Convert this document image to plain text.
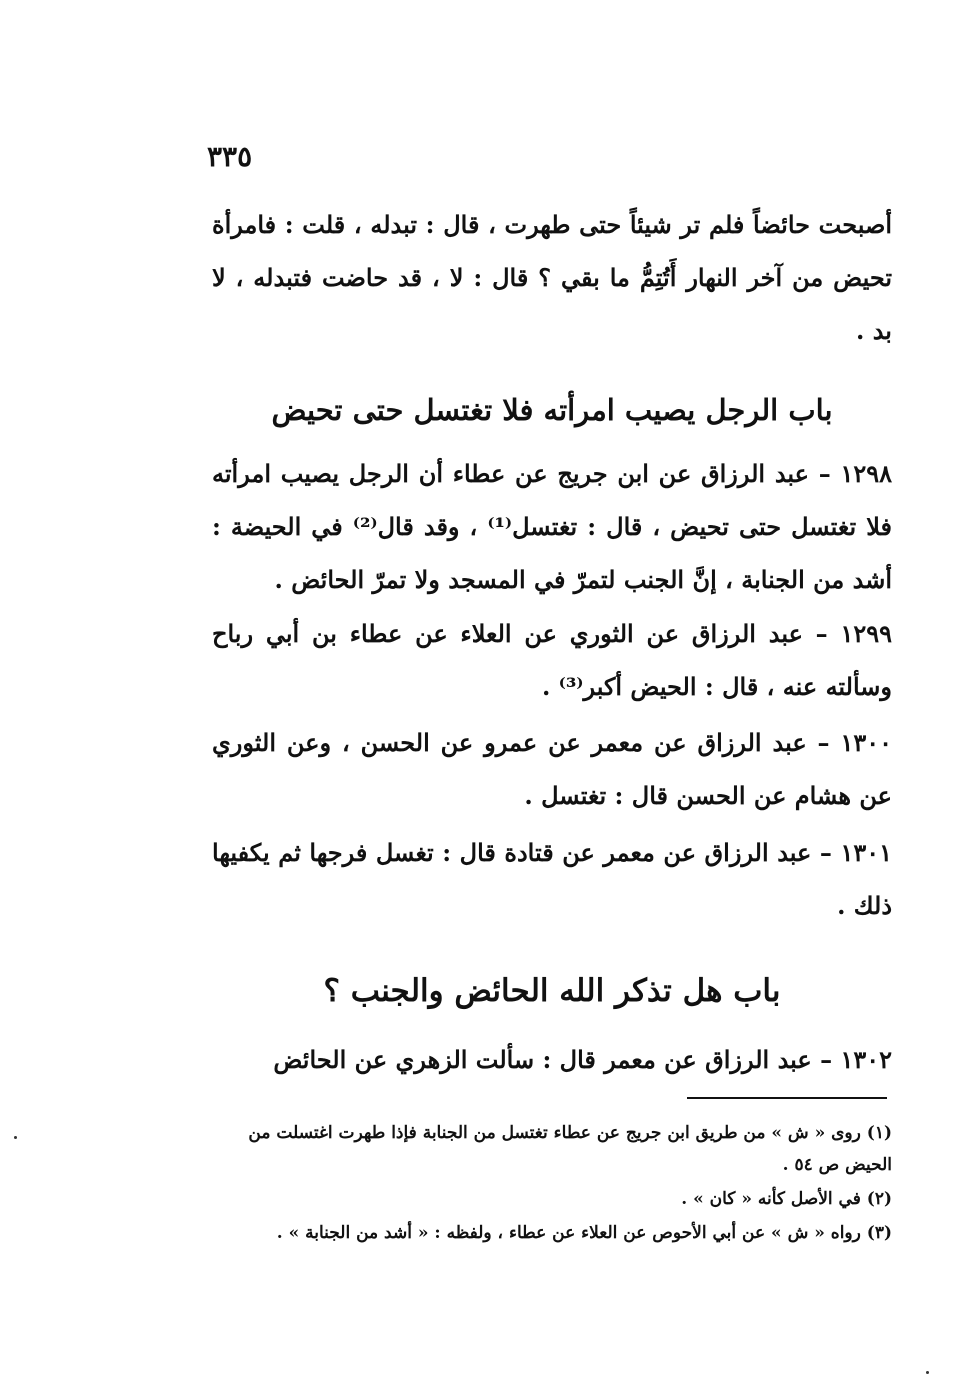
٣٣٥
أصبحت حائضاً فلم تر شيئاً حتى طهرت ، قال : تبدله ، قلت : فامرأة تحيض من آخر النهار أَتُتِمُّ ما بقي ؟ قال : لا ، قد حاضت فتبدله ، لا بد .
باب الرجل يصيب امرأته فلا تغتسل حتى تحيض
١٢٩٨ – عبد الرزاق عن ابن جريج عن عطاء أن الرجل يصيب امرأته فلا تغتسل حتى تحيض ، قال : تغتسل⁽¹⁾ ، وقد قال⁽²⁾ في الحيضة : أشد من الجنابة ، إنَّ الجنب لتمرّ في المسجد ولا تمرّ الحائض .
١٢٩٩ – عبد الرزاق عن الثوري عن العلاء عن عطاء بن أبي رباح وسألته عنه ، قال : الحيض أكبر⁽³⁾ .
١٣٠٠ – عبد الرزاق عن معمر عن عمرو عن الحسن ، وعن الثوري عن هشام عن الحسن قال : تغتسل .
١٣٠١ – عبد الرزاق عن معمر عن قتادة قال : تغسل فرجها ثم يكفيها ذلك .
باب هل تذكر الله الحائض والجنب ؟
١٣٠٢ – عبد الرزاق عن معمر قال : سألت الزهري عن الحائض
(١) روى « ش » من طريق ابن جريج عن عطاء تغتسل من الجنابة فإذا طهرت اغتسلت من الحيض ص ٥٤ .
(٢) في الأصل كأنه « كان » .
(٣) رواه « ش » عن أبي الأحوص عن العلاء عن عطاء ، ولفظه : « أشد من الجنابة » .
